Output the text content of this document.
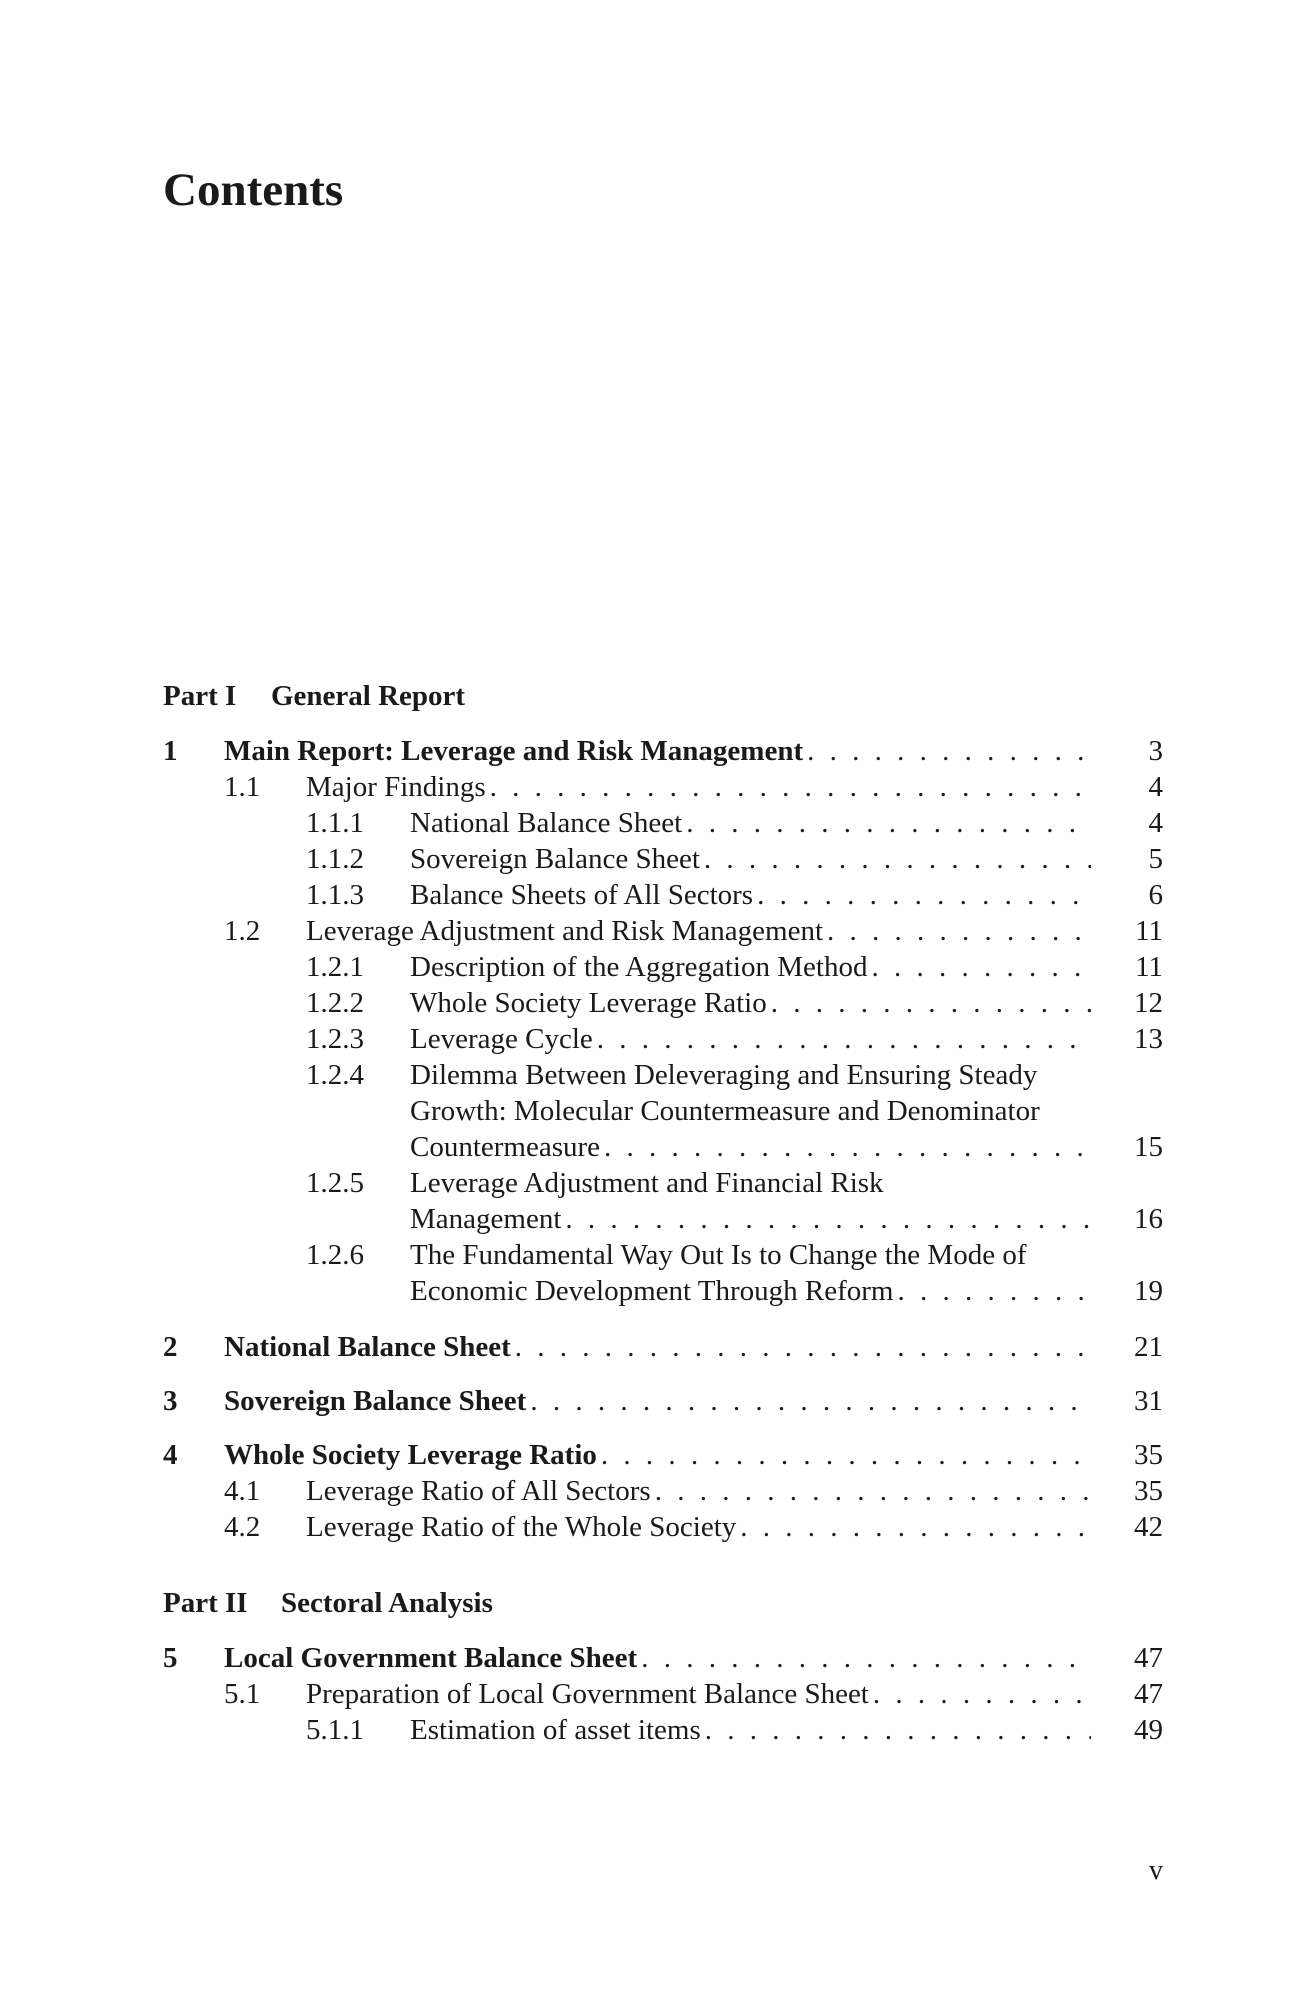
Contents
Part I General Report
Part II Sectoral Analysis
1 Main Report: Leverage and Risk Management . . .	3
1.1 Major Findings . . .	4
1.1.1 National Balance Sheet . . .	4
1.1.2 Sovereign Balance Sheet . . .	5
1.1.3 Balance Sheets of All Sectors . . .	6
1.2 Leverage Adjustment and Risk Management . . .	11
1.2.1 Description of the Aggregation Method . . .	11
1.2.2 Whole Society Leverage Ratio . . .	12
1.2.3 Leverage Cycle . . .	13
1.2.4 Dilemma Between Deleveraging and Ensuring Steady
Growth: Molecular Countermeasure and Denominator
Countermeasure . . .	15
1.2.5 Leverage Adjustment and Financial Risk
Management . . .	16
1.2.6 The Fundamental Way Out Is to Change the Mode of
Economic Development Through Reform . . .	19
2 National Balance Sheet . . .	21
3 Sovereign Balance Sheet . . .	31
4 Whole Society Leverage Ratio . . .	35
4.1 Leverage Ratio of All Sectors . . .	35
4.2 Leverage Ratio of the Whole Society . . .	42
5 Local Government Balance Sheet . . .	47
5.1 Preparation of Local Government Balance Sheet . . .	47
5.1.1 Estimation of asset items . . .	49
v
